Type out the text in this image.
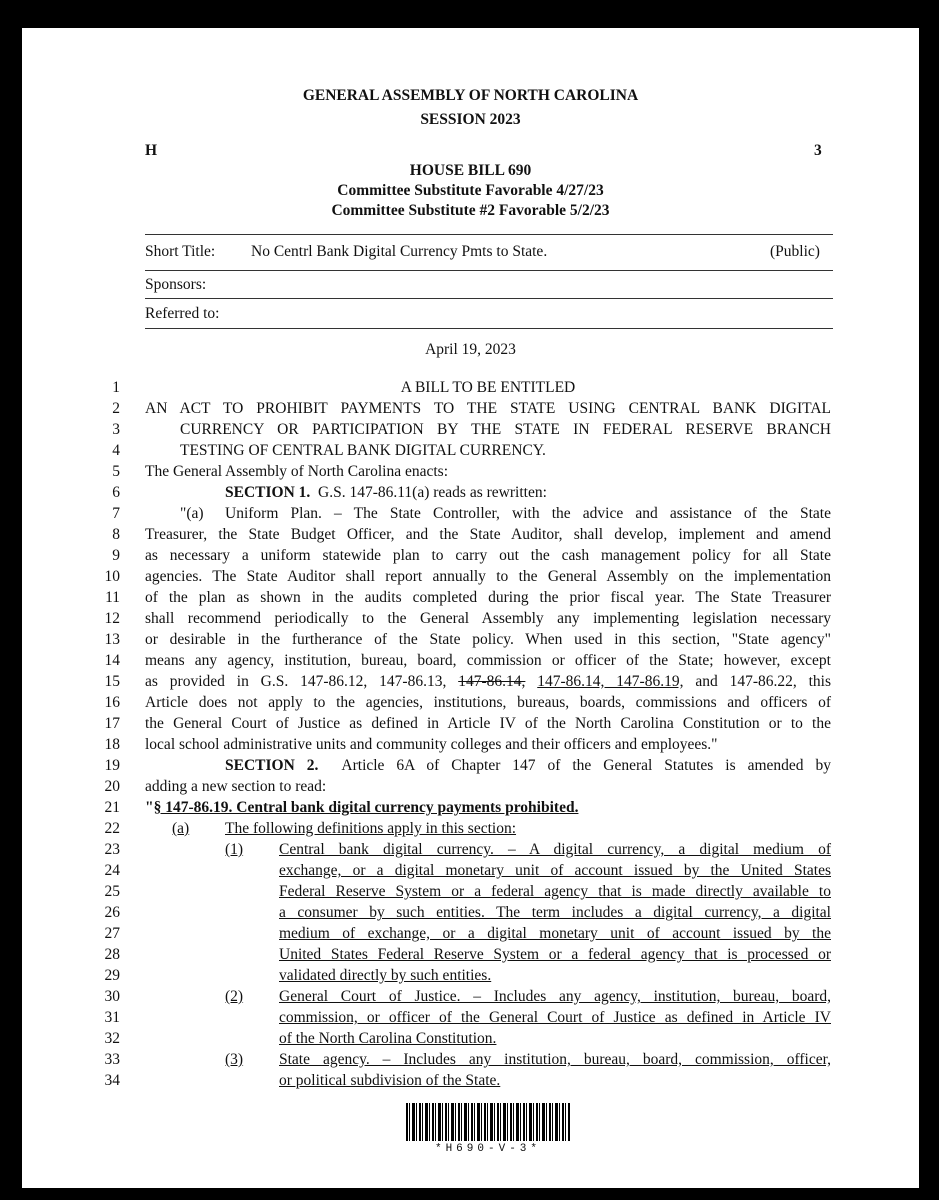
GENERAL ASSEMBLY OF NORTH CAROLINA
SESSION 2023
H	3
HOUSE BILL 690
Committee Substitute Favorable 4/27/23
Committee Substitute #2 Favorable 5/2/23
Short Title: No Centrl Bank Digital Currency Pmts to State.	(Public)
Sponsors:
Referred to:
April 19, 2023
1
2
3
4
5
6
7
8
9
10
11
12
13
14
15
16
17
18
19
20
21
22
23
24
25
26
27
28
29
30
31
32
33
34
A BILL TO BE ENTITLED
AN ACT TO PROHIBIT PAYMENTS TO THE STATE USING CENTRAL BANK DIGITAL
CURRENCY OR PARTICIPATION BY THE STATE IN FEDERAL RESERVE BRANCH
TESTING OF CENTRAL BANK DIGITAL CURRENCY.
The General Assembly of North Carolina enacts:
SECTION 1. G.S. 147-86.11(a) reads as rewritten:
"(a) Uniform Plan. – The State Controller, with the advice and assistance of the State
Treasurer, the State Budget Officer, and the State Auditor, shall develop, implement and amend
as necessary a uniform statewide plan to carry out the cash management policy for all State
agencies. The State Auditor shall report annually to the General Assembly on the implementation
of the plan as shown in the audits completed during the prior fiscal year. The State Treasurer
shall recommend periodically to the General Assembly any implementing legislation necessary
or desirable in the furtherance of the State policy. When used in this section, "State agency"
means any agency, institution, bureau, board, commission or officer of the State; however, except
as provided in G.S. 147-86.12, 147-86.13, 147-86.14, 147-86.14, 147-86.19, and 147-86.22, this
Article does not apply to the agencies, institutions, bureaus, boards, commissions and officers of
the General Court of Justice as defined in Article IV of the North Carolina Constitution or to the
local school administrative units and community colleges and their officers and employees."
SECTION 2. Article 6A of Chapter 147 of the General Statutes is amended by
adding a new section to read:
"§ 147-86.19. Central bank digital currency payments prohibited.
(a) The following definitions apply in this section:
(1) Central bank digital currency. – A digital currency, a digital medium of
exchange, or a digital monetary unit of account issued by the United States
Federal Reserve System or a federal agency that is made directly available to
a consumer by such entities. The term includes a digital currency, a digital
medium of exchange, or a digital monetary unit of account issued by the
United States Federal Reserve System or a federal agency that is processed or
validated directly by such entities.
(2) General Court of Justice. – Includes any agency, institution, bureau, board,
commission, or officer of the General Court of Justice as defined in Article IV
of the North Carolina Constitution.
(3) State agency. – Includes any institution, bureau, board, commission, officer,
or political subdivision of the State.
*H690-V-3*
